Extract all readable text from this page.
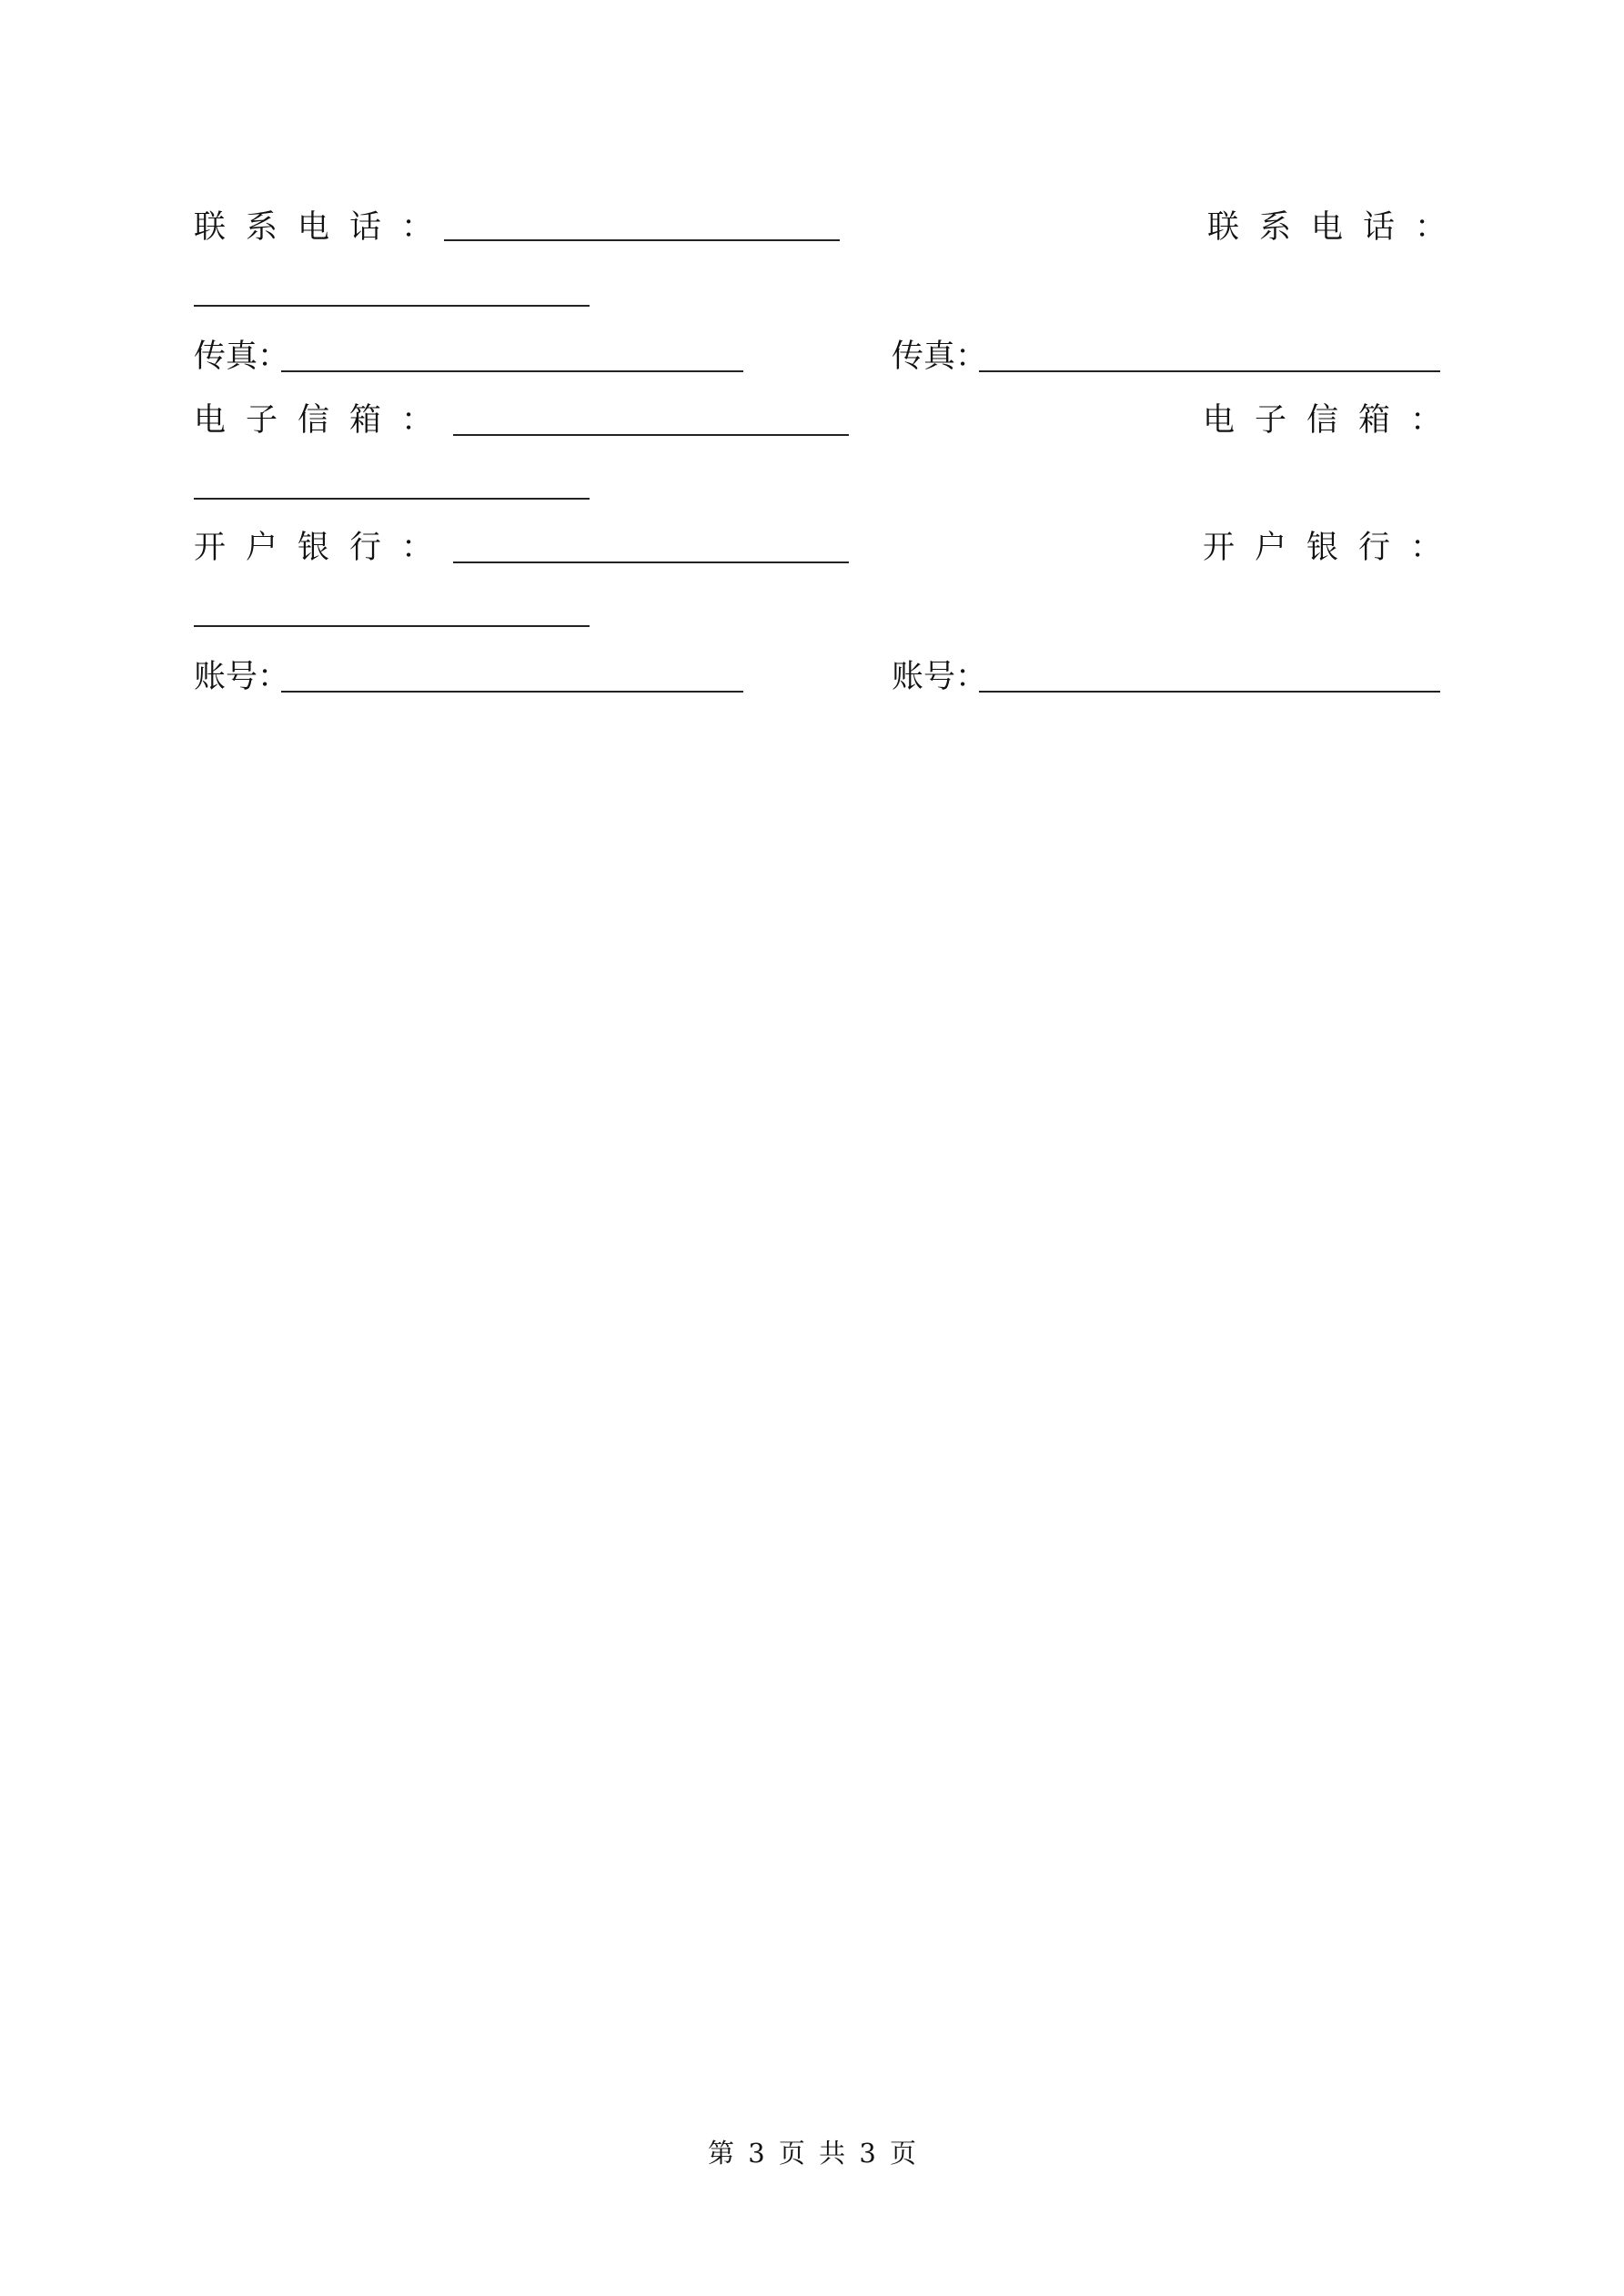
联系电话：	联系电话：
传真：	传真：
电子信箱：	电子信箱：
开户银行：	开户银行：
账号：	账号：
第 3 页 共 3 页
